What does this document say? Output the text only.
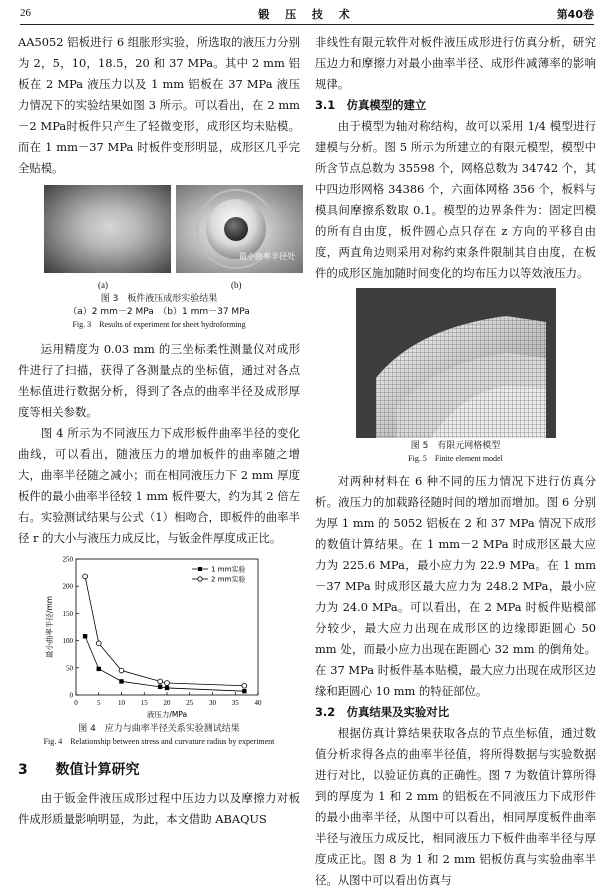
26	锻 压 技 术	第40卷

AA5052 铝板进行 6 组胀形实验，所选取的液压力分别为 2，5，10，18.5，20 和 37 MPa。其中 2 mm 铝板在 2 MPa 液压力以及 1 mm 铝板在 37 MPa 液压力情况下的实验结果如图 3 所示。可以看出，在 2 mm－2 MPa时板件只产生了轻微变形，成形区均未贴模。而在 1 mm－37 MPa 时板件变形明显，成形区几乎完全贴模。

最小曲率半径处
(a)	(b)
图 3　板件液压成形实验结果
（a）2 mm－2 MPa　（b）1 mm－37 MPa
Fig. 3　Results of experiment for sheet hydroforming

运用精度为 0.03 mm 的三坐标柔性测量仪对成形件进行了扫描，获得了各测量点的坐标值，通过对各点坐标值进行数据分析，得到了各点的曲率半径及成形厚度等相关参数。

图 4 所示为不同液压力下成形板件曲率半径的变化曲线，可以看出，随液压力的增加板件的曲率随之增大，曲率半径随之减小；而在相同液压力下 2 mm 厚度板件的最小曲率半径较 1 mm 板件要大，约为其 2 倍左右。实验测试结果与公式（1）相吻合，即板件的曲率半径 r 的大小与液压力成反比，与钣金件厚度成正比。

0	5	10 15 20 25 30 35 40
0
50
100
150
200
250
液压力/MPa
最小曲率半径/mm
1 mm实验
2 mm实验
图 4　应力与曲率半径关系实验测试结果
Fig. 4　Relationship between stress and curvature radius by experiment
3 数值计算研究

由于钣金件液压成形过程中压边力以及摩擦力对板件成形质量影响明显，为此，本文借助 ABAQUS

非线性有限元软件对板件液压成形进行仿真分析，研究压边力和摩擦力对最小曲率半径、成形件减薄率的影响规律。

3.1　仿真模型的建立

由于模型为轴对称结构，故可以采用 1/4 模型进行建模与分析。图 5 所示为所建立的有限元模型，模型中所含节点总数为 35598 个，网格总数为 34742 个，其中四边形网格 34386 个，六面体网格 356 个，板料与模具间摩擦系数取 0.1。模型的边界条件为：固定凹模的所有自由度，板件圆心点只存在 z 方向的平移自由度，两直角边则采用对称约束条件限制其自由度，在板件的成形区施加随时间变化的均布压力以等效液压力。

图 5　有限元网格模型
Fig. 5　Finite element model

对两种材料在 6 种不同的压力情况下进行仿真分析。液压力的加载路径随时间的增加而增加。图 6 分别为厚 1 mm 的 5052 铝板在 2 和 37 MPa 情况下成形的数值计算结果。在 1 mm－2 MPa 时成形区最大应力为 225.6 MPa，最小应力为 22.9 MPa。在 1 mm－37 MPa 时成形区最大应力为 248.2 MPa，最小应力为 24.0 MPa。可以看出，在 2 MPa 时板件贴模部分较少，最大应力出现在成形区的边缘即距圆心 50 mm 处，而最小应力出现在距圆心 32 mm 的倒角处。在 37 MPa 时板件基本贴模，最大应力出现在成形区边缘和距圆心 10 mm 的特征部位。

3.2　仿真结果及实验对比

根据仿真计算结果获取各点的节点坐标值，通过数值分析求得各点的曲率半径值，将所得数据与实验数据进行对比，以验证仿真的正确性。图 7 为数值计算所得到的厚度为 1 和 2 mm 的铝板在不同液压力下成形件的最小曲率半径，从图中可以看出，相同厚度板件曲率半径与液压力成反比，相同液压力下板件曲率半径与厚度成正比。图 8 为 1 和 2 mm 铝板仿真与实验曲率半径。从图中可以看出仿真与
